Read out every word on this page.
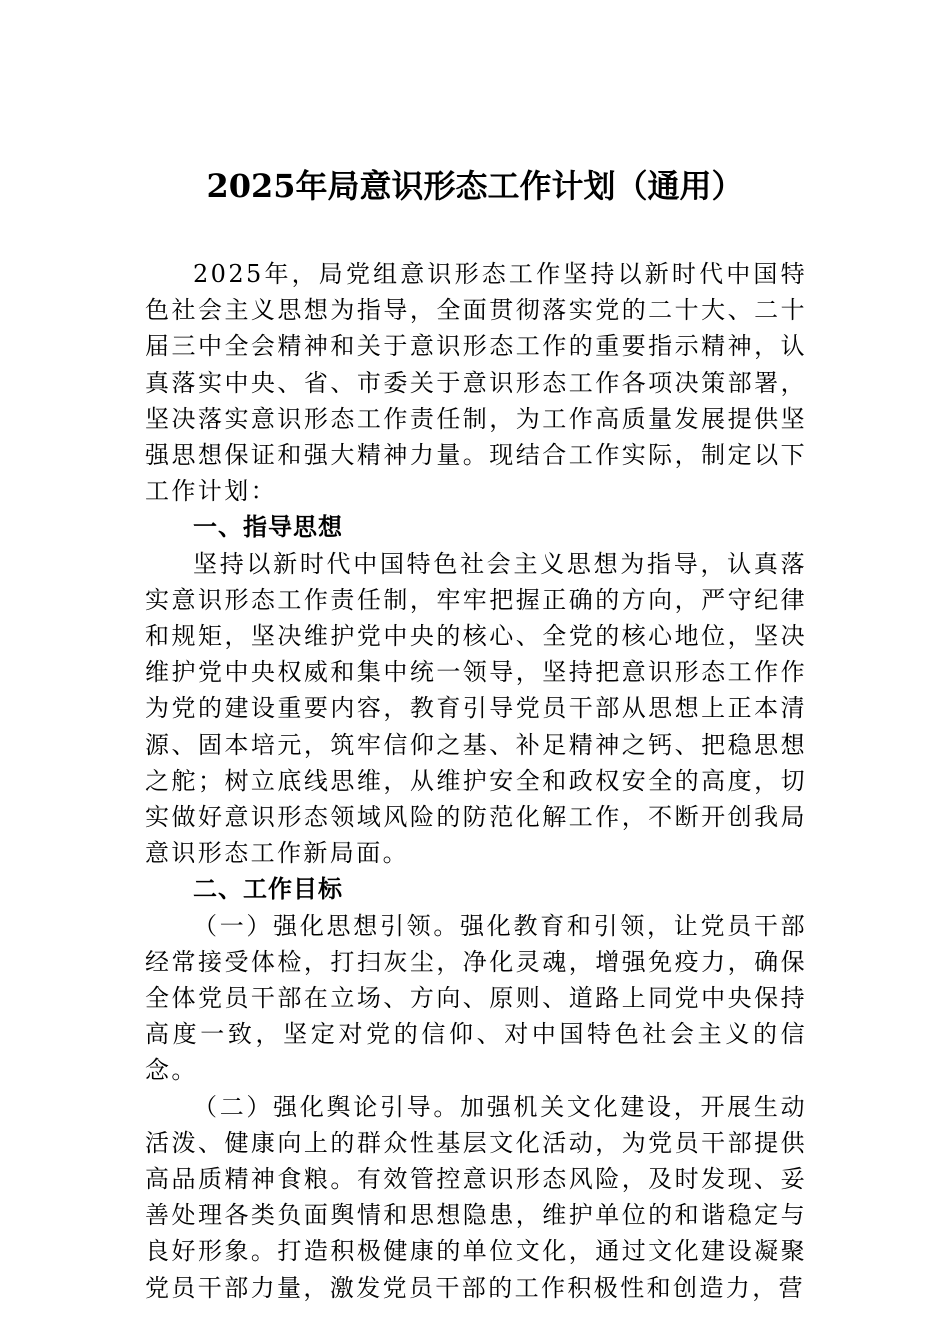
2025年局意识形态工作计划（通用）

2025年，局党组意识形态工作坚持以新时代中国特色社会主义思想为指导，全面贯彻落实党的二十大、二十届三中全会精神和关于意识形态工作的重要指示精神，认真落实中央、省、市委关于意识形态工作各项决策部署，坚决落实意识形态工作责任制，为工作高质量发展提供坚强思想保证和强大精神力量。现结合工作实际，制定以下工作计划：

一、指导思想

坚持以新时代中国特色社会主义思想为指导，认真落实意识形态工作责任制，牢牢把握正确的方向，严守纪律和规矩，坚决维护党中央的核心、全党的核心地位，坚决维护党中央权威和集中统一领导，坚持把意识形态工作作为党的建设重要内容，教育引导党员干部从思想上正本清源、固本培元，筑牢信仰之基、补足精神之钙、把稳思想之舵；树立底线思维，从维护安全和政权安全的高度，切实做好意识形态领域风险的防范化解工作，不断开创我局意识形态工作新局面。

二、工作目标

（一）强化思想引领。强化教育和引领，让党员干部经常接受体检，打扫灰尘，净化灵魂，增强免疫力，确保全体党员干部在立场、方向、原则、道路上同党中央保持高度一致，坚定对党的信仰、对中国特色社会主义的信念。

（二）强化舆论引导。加强机关文化建设，开展生动活泼、健康向上的群众性基层文化活动，为党员干部提供高品质精神食粮。有效管控意识形态风险，及时发现、妥善处理各类负面舆情和思想隐患，维护单位的和谐稳定与良好形象。打造积极健康的单位文化，通过文化建设凝聚党员干部力量，激发党员干部的工作积极性和创造力，营
